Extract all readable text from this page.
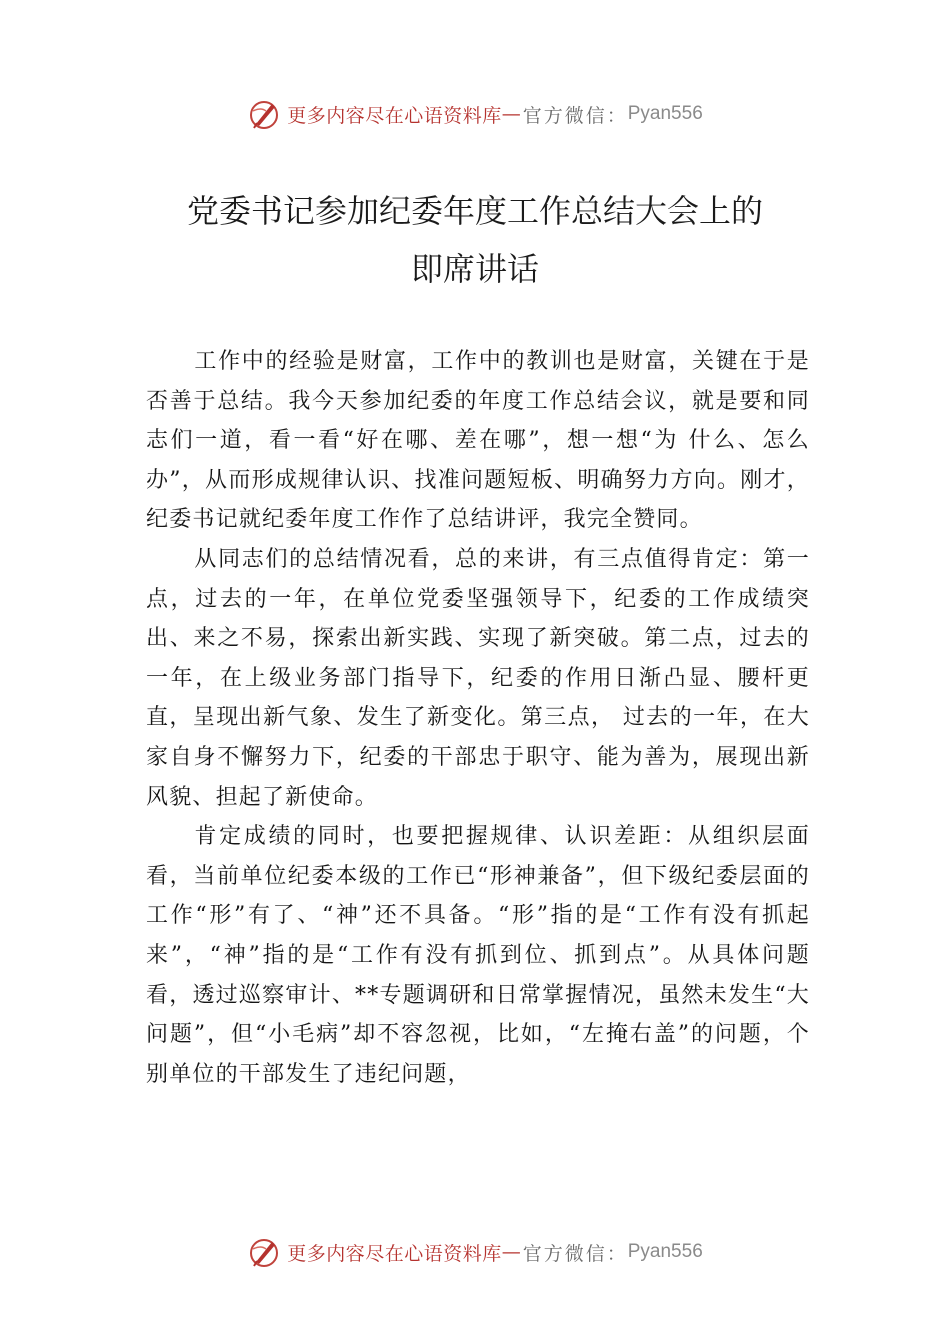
更多内容尽在心语资料库 — 官方微信： Pyan556
党委书记参加纪委年度工作总结大会上的
即席讲话

工作中的经验是财富，工作中的教训也是财富，关键在于是否善于总结。我今天参加纪委的年度工作总结会议，就是要和同志们一道，看一看“好在哪、差在哪”，想一想“为 什么、怎么办”，从而形成规律认识、找准问题短板、明确努力方向。刚才，纪委书记就纪委年度工作作了总结讲评，我完全赞同。

从同志们的总结情况看，总的来讲，有三点值得肯定：第一点，过去的一年，在单位党委坚强领导下，纪委的工作成绩突出、来之不易，探索出新实践、实现了新突破。第二点，过去的一年，在上级业务部门指导下，纪委的作用日渐凸显、腰杆更直，呈现出新气象、发生了新变化。第三点， 过去的一年，在大家自身不懈努力下，纪委的干部忠于职守、能为善为，展现出新风貌、担起了新使命。

肯定成绩的同时，也要把握规律、认识差距：从组织层面看，当前单位纪委本级的工作已“形神兼备”，但下级纪委层面的工作“形”有了、“神”还不具备。“形”指的是“工作有没有抓起来”，“神”指的是“工作有没有抓到位、抓到点”。从具体问题看，透过巡察审计、**专题调研和日常掌握情况，虽然未发生“大问题”，但“小毛病”却不容忽视，比如，“左掩右盖”的问题，个别单位的干部发生了违纪问题，

更多内容尽在心语资料库 — 官方微信： Pyan556
